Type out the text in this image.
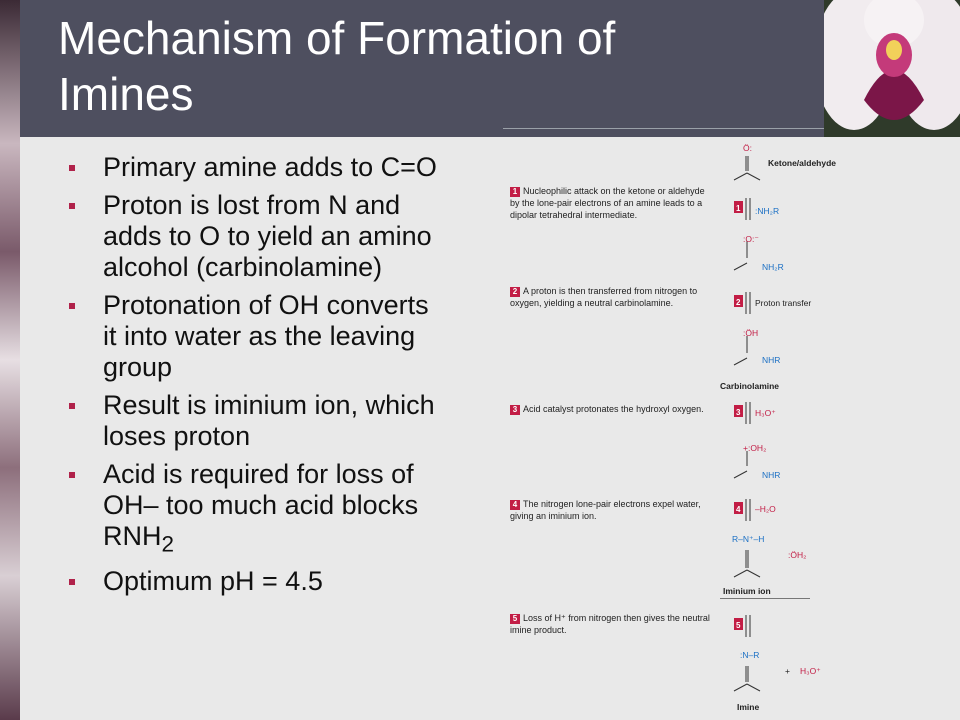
Mechanism of Formation of Imines
Primary amine adds to C=O
Proton is lost from N and adds to O to yield an amino alcohol (carbinolamine)
Protonation of OH converts it into water as the leaving group
Result is iminium ion, which loses proton
Acid is required for loss of OH– too much acid blocks $RNH_2$
Optimum pH = 4.5
1 Nucleophilic attack on the ketone or aldehyde by the lone-pair electrons of an amine leads to a dipolar tetrahedral intermediate.
2 A proton is then transferred from nitrogen to oxygen, yielding a neutral carbinolamine.
3 Acid catalyst protonates the hydroxyl oxygen.
4 The nitrogen lone-pair electrons expel water, giving an iminium ion.
5 Loss of H⁺ from nitrogen then gives the neutral imine product.
1
2
3
4
5
Ö:
Ketone/aldehyde
:NH₂R
:O:⁻
NH₂R
Proton transfer
:ÖH
NHR
Carbinolamine
H₃O⁺
+:OH₂
NHR
–H₂O
R–N⁺–H
:ÖH₂
Iminium ion
:N–R
+ H₃O⁺
Imine
